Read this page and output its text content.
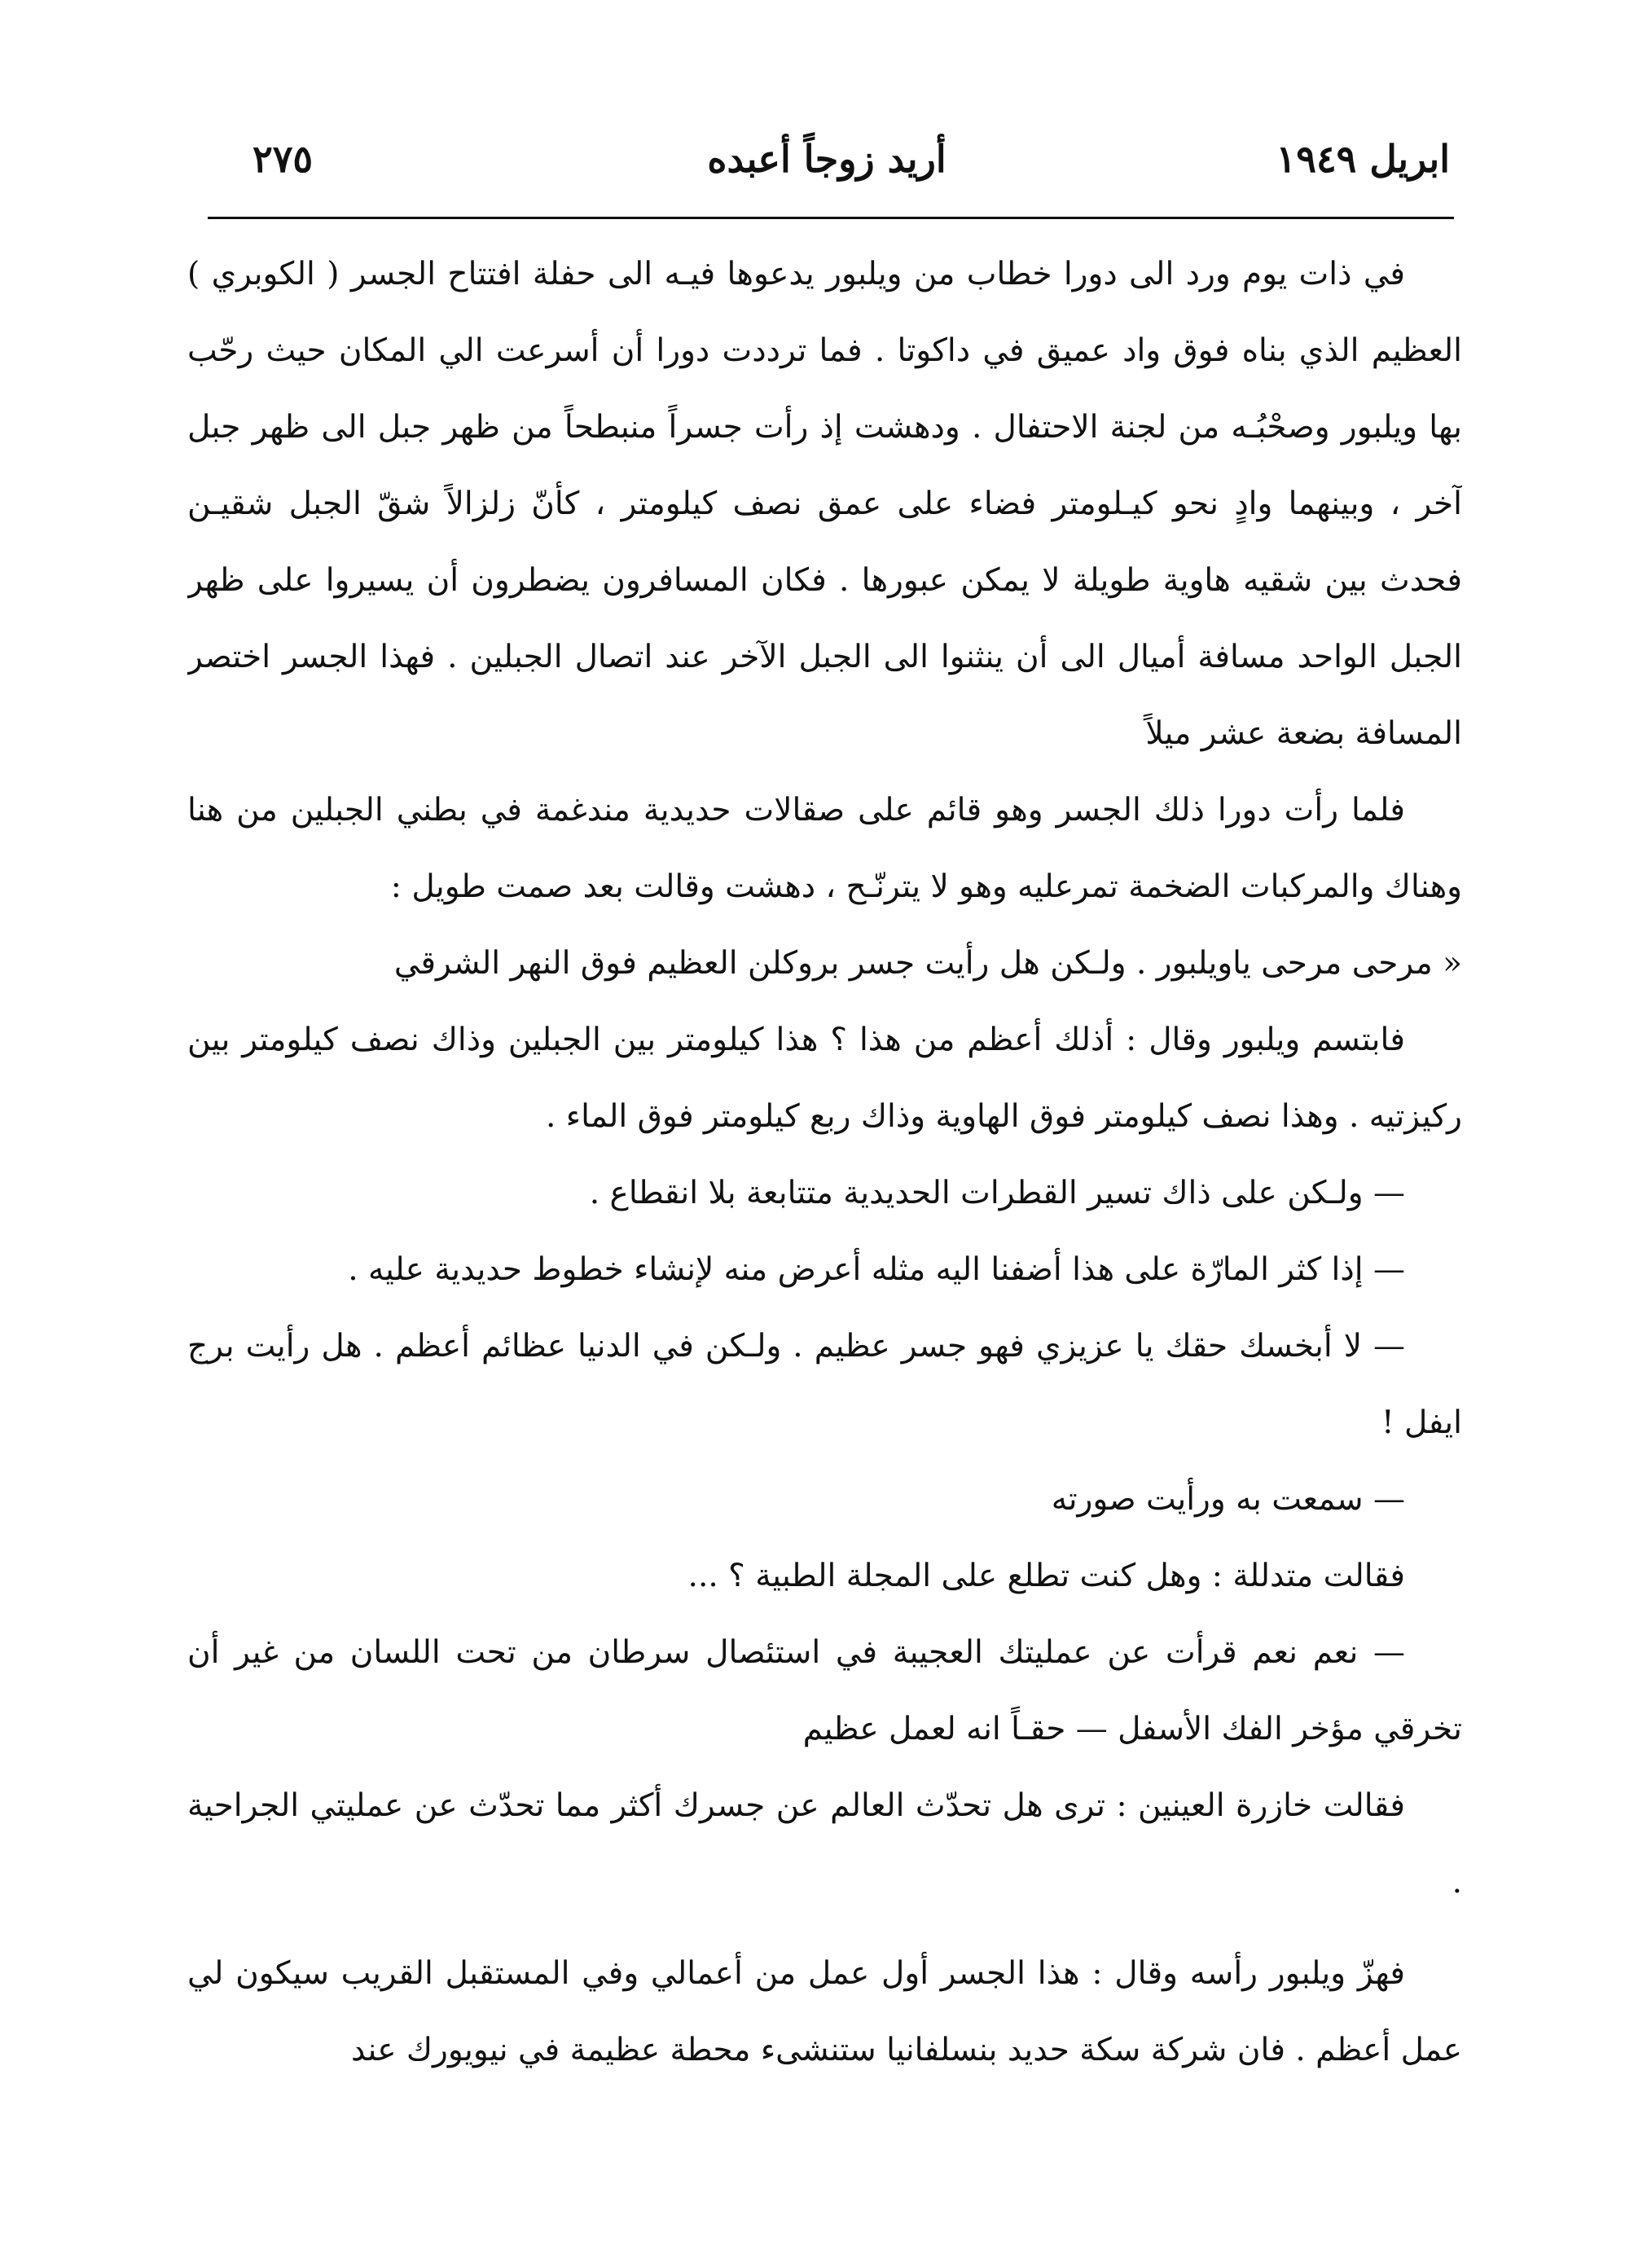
ابريل ١٩٤٩
أريد زوجاً أعبده
٢٧٥

في ذات يوم ورد الى دورا خطاب من ويلبور يدعوها فيـه الى حفلة افتتاح الجسر ( الكوبري ) العظيم الذي بناه فوق واد عميق في داكوتا . فما ترددت دورا أن أسرعت الي المكان حيث رحّب بها ويلبور وصحْبُـه من لجنة الاحتفال . ودهشت إذ رأت جسراً منبطحاً من ظهر جبل الى ظهر جبل آخر ، وبينهما وادٍ نحو كيـلومتر فضاء على عمق نصف كيلومتر ، كأنّ زلزالاً شقّ الجبل شقيـن فحدث بين شقيه هاوية طويلة لا يمكن عبورها . فكان المسافرون يضطرون أن يسيروا على ظهر الجبل الواحد مسافة أميال الى أن ينثنوا الى الجبل الآخر عند اتصال الجبلين . فهذا الجسر اختصر المسافة بضعة عشر ميلاً

فلما رأت دورا ذلك الجسر وهو قائم على صقالات حديدية مندغمة في بطني الجبلين من هنا وهناك والمركبات الضخمة تمرعليه وهو لا يترنّـح ، دهشت وقالت بعد صمت طويل :

« مرحى مرحى ياويلبور . ولـكن هل رأيت جسر بروكلن العظيم فوق النهر الشرقي

فابتسم ويلبور وقال : أذلك أعظم من هذا ؟ هذا كيلومتر بين الجبلين وذاك نصف كيلومتر بين ركيزتيه . وهذا نصف كيلومتر فوق الهاوية وذاك ربع كيلومتر فوق الماء .

— ولـكن على ذاك تسير القطرات الحديدية متتابعة بلا انقطاع .

— إذا كثر المارّة على هذا أضفنا اليه مثله أعرض منه لإنشاء خطوط حديدية عليه .

— لا أبخسك حقك يا عزيزي فهو جسر عظيم . ولـكن في الدنيا عظائم أعظم . هل رأيت برج ايفل !

— سمعت به ورأيت صورته

فقالت متدللة : وهل كنت تطلع على المجلة الطبية ؟ ...

— نعم نعم قرأت عن عمليتك العجيبة في استئصال سرطان من تحت اللسان من غير أن تخرقي مؤخر الفك الأسفل — حقـاً انه لعمل عظيم

فقالت خازرة العينين : ترى هل تحدّث العالم عن جسرك أكثر مما تحدّث عن عمليتي الجراحية .

فهزّ ويلبور رأسه وقال : هذا الجسر أول عمل من أعمالي وفي المستقبل القريب سيكون لي عمل أعظم . فان شركة سكة حديد بنسلفانيا ستنشىء محطة عظيمة في نيويورك عند
